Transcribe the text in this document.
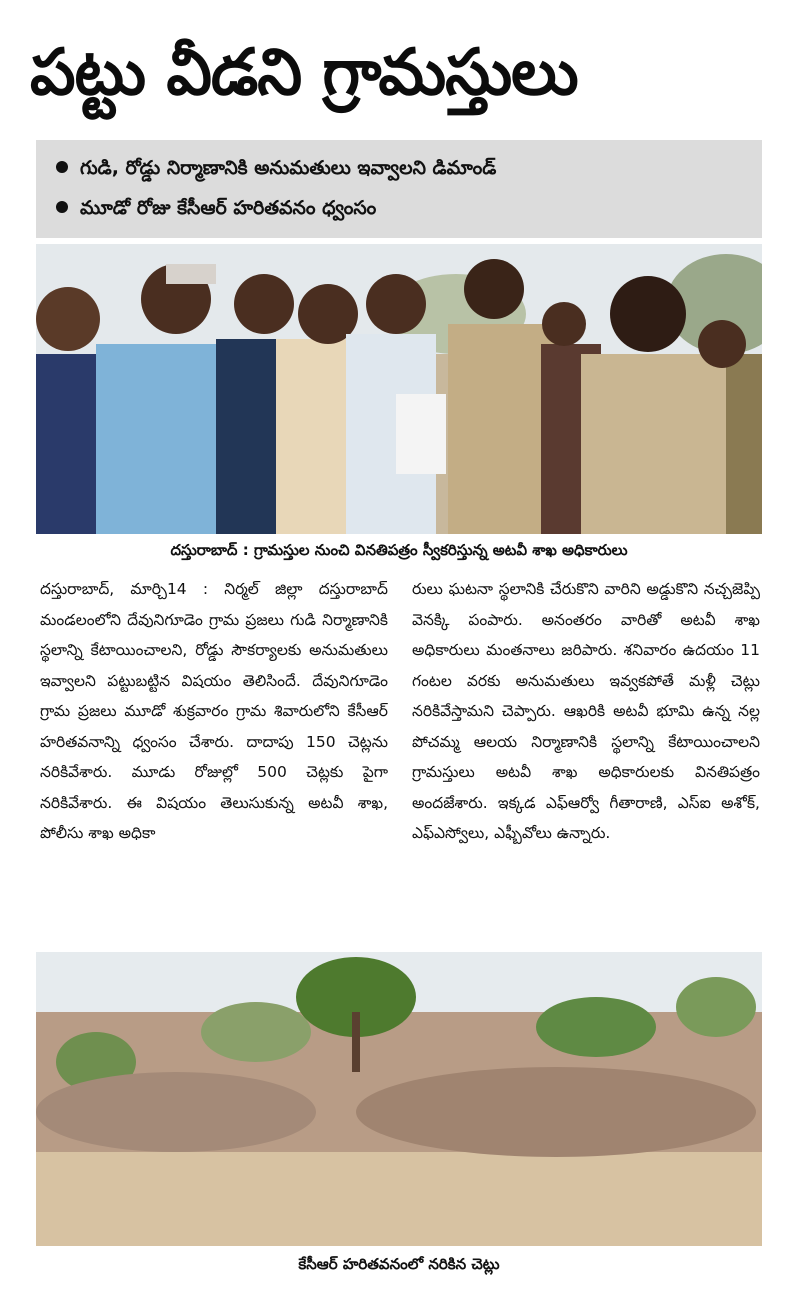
పట్టు వీడని గ్రామస్తులు
గుడి, రోడ్డు నిర్మాణానికి అనుమతులు ఇవ్వాలని డిమాండ్
మూడో రోజు కేసీఆర్ హరితవనం ధ్వంసం
దస్తురాబాద్ : గ్రామస్తుల నుంచి వినతిపత్రం స్వీకరిస్తున్న అటవీ శాఖ అధికారులు
దస్తురాబాద్, మార్చి14 : నిర్మల్ జిల్లా దస్తురాబాద్ మండలంలోని దేవునిగూడెం గ్రామ ప్రజలు గుడి నిర్మాణానికి స్థలాన్ని కేటాయించాలని, రోడ్డు సౌకర్యాలకు అనుమతులు ఇవ్వాలని పట్టుబట్టిన విషయం తెలిసిందే. దేవునిగూడెం గ్రామ ప్రజలు మూడో శుక్రవారం గ్రామ శివారులోని కేసీఆర్ హరితవనాన్ని ధ్వంసం చేశారు. దాదాపు 150 చెట్లను నరికివేశారు. మూడు రోజుల్లో 500 చెట్లకు పైగా నరికివేశారు. ఈ విషయం తెలుసుకున్న అటవీ శాఖ, పోలీసు శాఖ అధికా
రులు ఘటనా స్థలానికి చేరుకొని వారిని అడ్డుకొని నచ్చజెప్పి వెనక్కి పంపారు. అనంతరం వారితో అటవీ శాఖ అధికారులు మంతనాలు జరిపారు. శనివారం ఉదయం 11 గంటల వరకు అనుమతులు ఇవ్వకపోతే మళ్లీ చెట్లు నరికివేస్తామని చెప్పారు. ఆఖరికి అటవీ భూమి ఉన్న నల్ల పోచమ్మ ఆలయ నిర్మాణానికి స్థలాన్ని కేటాయించాలని గ్రామస్తులు అటవీ శాఖ అధికారులకు వినతిపత్రం అందజేశారు. ఇక్కడ ఎఫ్ఆర్వో గీతారాణి, ఎస్ఐ అశోక్, ఎఫ్ఎస్వోలు, ఎఫ్బీవోలు ఉన్నారు.
కేసీఆర్ హరితవనంలో నరికిన చెట్లు
